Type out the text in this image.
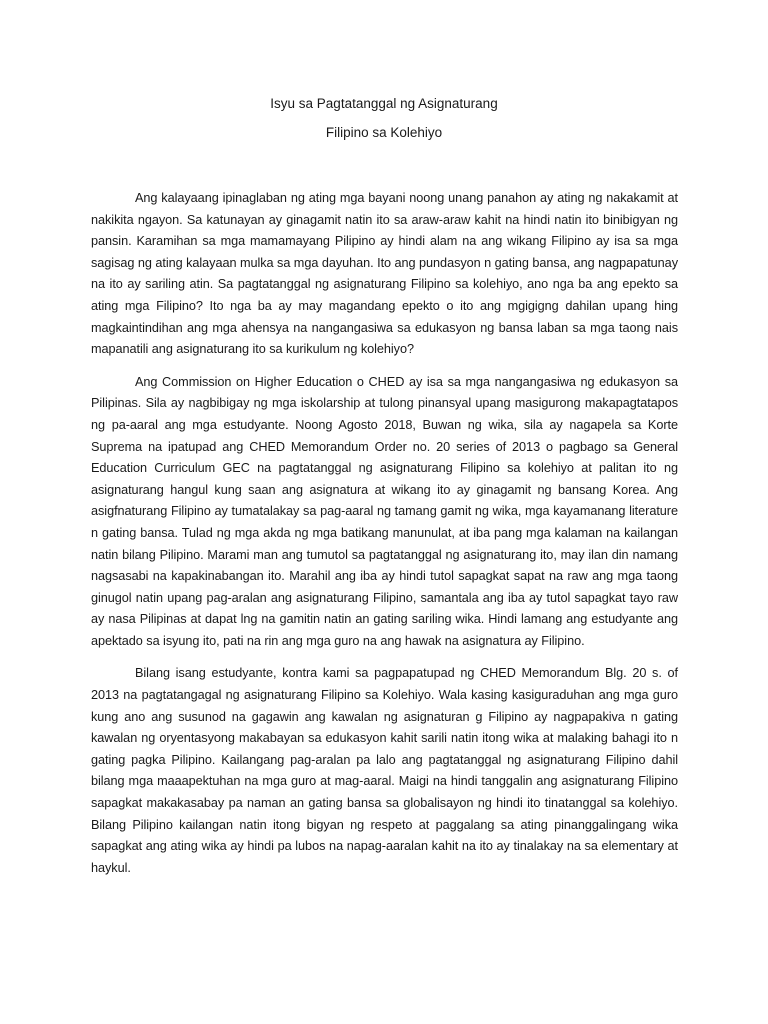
Isyu sa Pagtatanggal ng Asignaturang
Filipino sa Kolehiyo

Ang kalayaang ipinaglaban ng ating mga bayani noong unang panahon ay ating ng nakakamit at nakikita ngayon. Sa katunayan ay ginagamit natin ito sa araw-araw kahit na hindi natin ito binibigyan ng pansin. Karamihan sa mga mamamayang Pilipino ay hindi alam na ang wikang Filipino ay isa sa mga sagisag ng ating kalayaan mulka sa mga dayuhan. Ito ang pundasyon n gating bansa, ang nagpapatunay na ito ay sariling atin. Sa pagtatanggal ng asignaturang Filipino sa kolehiyo, ano nga ba ang epekto sa ating mga Filipino? Ito nga ba ay may magandang epekto o ito ang mgigigng dahilan upang hing magkaintindihan ang mga ahensya na nangangasiwa sa edukasyon ng bansa laban sa mga taong nais mapanatili ang asignaturang ito sa kurikulum ng kolehiyo?

Ang Commission on Higher Education o CHED ay isa sa mga nangangasiwa ng edukasyon sa Pilipinas. Sila ay nagbibigay ng mga iskolarship at tulong pinansyal upang masigurong makapagtatapos ng pa-aaral ang mga estudyante. Noong Agosto 2018, Buwan ng wika, sila ay nagapela sa Korte Suprema na ipatupad ang CHED Memorandum Order no. 20 series of 2013 o pagbago sa General Education Curriculum GEC na pagtatanggal ng asignaturang Filipino sa kolehiyo at palitan ito ng asignaturang hangul kung saan ang asignatura at wikang ito ay ginagamit ng bansang Korea. Ang asigfnaturang Filipino ay tumatalakay sa pag-aaral ng tamang gamit ng wika, mga kayamanang literature n gating bansa. Tulad ng mga akda ng mga batikang manunulat, at iba pang mga kalaman na kailangan natin bilang Pilipino. Marami man ang tumutol sa pagtatanggal ng asignaturang ito, may ilan din namang nagsasabi na kapakinabangan ito. Marahil ang iba ay hindi tutol sapagkat sapat na raw ang mga taong ginugol natin upang pag-aralan ang asignaturang Filipino, samantala ang iba ay tutol sapagkat tayo raw ay nasa Pilipinas at dapat lng na gamitin natin an gating sariling wika. Hindi lamang ang estudyante ang apektado sa isyung ito, pati na rin ang mga guro na ang hawak na asignatura ay Filipino.

Bilang isang estudyante, kontra kami sa pagpapatupad ng CHED Memorandum Blg. 20 s. of 2013 na pagtatangagal ng asignaturang Filipino sa Kolehiyo. Wala kasing kasiguraduhan ang mga guro kung ano ang susunod na gagawin ang kawalan ng asignaturan g Filipino ay nagpapakiva n gating kawalan ng oryentasyong makabayan sa edukasyon kahit sarili natin itong wika at malaking bahagi ito n gating pagka Pilipino. Kailangang pag-aralan pa lalo ang pagtatanggal ng asignaturang Filipino dahil bilang mga maaapektuhan na mga guro at mag-aaral. Maigi na hindi tanggalin ang asignaturang Filipino sapagkat makakasabay pa naman an gating bansa sa globalisayon ng hindi ito tinatanggal sa kolehiyo. Bilang Pilipino kailangan natin itong bigyan ng respeto at paggalang sa ating pinanggalingang wika sapagkat ang ating wika ay hindi pa lubos na napag-aaralan kahit na ito ay tinalakay na sa elementary at haykul.
